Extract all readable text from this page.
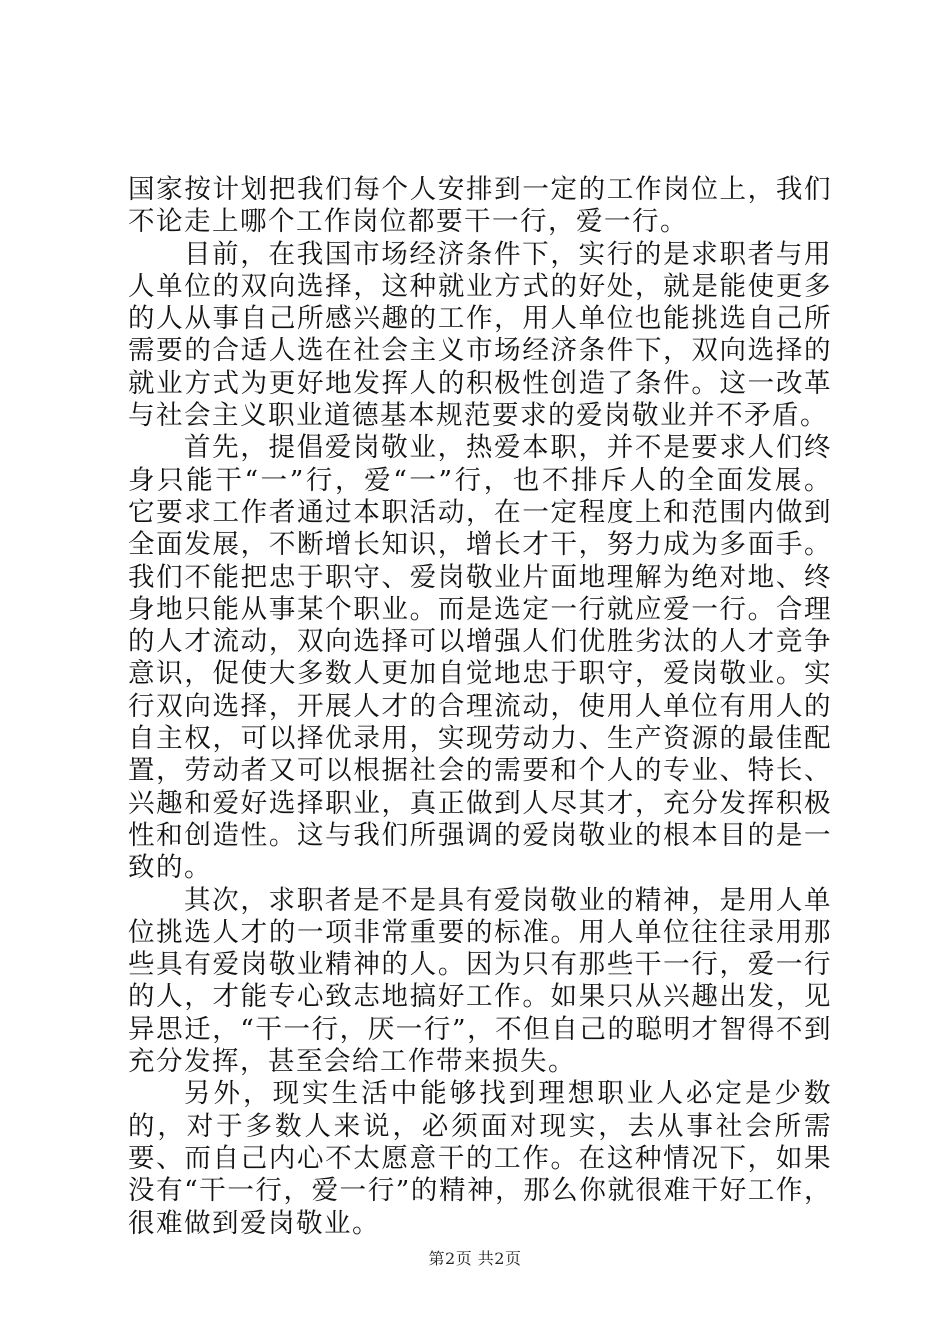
国家按计划把我们每个人安排到一定的工作岗位上，我们不论走上哪个工作岗位都要干一行，爱一行。

目前，在我国市场经济条件下，实行的是求职者与用人单位的双向选择，这种就业方式的好处，就是能使更多的人从事自己所感兴趣的工作，用人单位也能挑选自己所需要的合适人选在社会主义市场经济条件下，双向选择的就业方式为更好地发挥人的积极性创造了条件。这一改革与社会主义职业道德基本规范要求的爱岗敬业并不矛盾。

首先，提倡爱岗敬业，热爱本职，并不是要求人们终身只能干“一”行，爱“一”行，也不排斥人的全面发展。它要求工作者通过本职活动，在一定程度上和范围内做到全面发展，不断增长知识，增长才干，努力成为多面手。我们不能把忠于职守、爱岗敬业片面地理解为绝对地、终身地只能从事某个职业。而是选定一行就应爱一行。合理的人才流动，双向选择可以增强人们优胜劣汰的人才竞争意识，促使大多数人更加自觉地忠于职守，爱岗敬业。实行双向选择，开展人才的合理流动，使用人单位有用人的自主权，可以择优录用，实现劳动力、生产资源的最佳配置，劳动者又可以根据社会的需要和个人的专业、特长、兴趣和爱好选择职业，真正做到人尽其才，充分发挥积极性和创造性。这与我们所强调的爱岗敬业的根本目的是一致的。

其次，求职者是不是具有爱岗敬业的精神，是用人单位挑选人才的一项非常重要的标准。用人单位往往录用那些具有爱岗敬业精神的人。因为只有那些干一行，爱一行的人，才能专心致志地搞好工作。如果只从兴趣出发，见异思迁，“干一行，厌一行”，不但自己的聪明才智得不到充分发挥，甚至会给工作带来损失。

另外，现实生活中能够找到理想职业人必定是少数的，对于多数人来说，必须面对现实，去从事社会所需要、而自己内心不太愿意干的工作。在这种情况下，如果没有“干一行，爱一行”的精神，那么你就很难干好工作，很难做到爱岗敬业。

第2页 共2页
